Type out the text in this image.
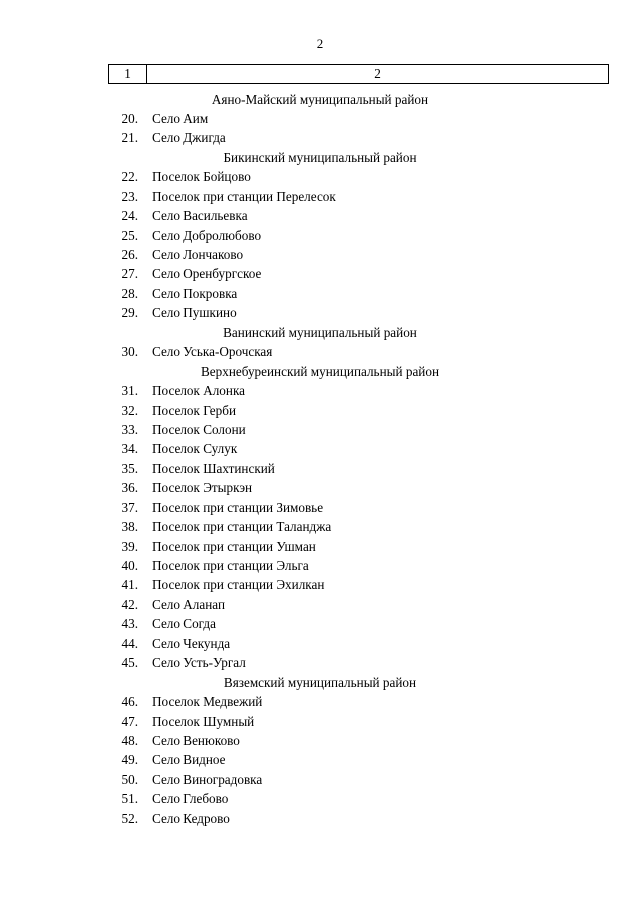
2
1	2
Аяно-Майский муниципальный район
20. Село Аим
21. Село Джигда
Бикинский муниципальный район
22. Поселок Бойцово
23. Поселок при станции Перелесок
24. Село Васильевка
25. Село Добролюбово
26. Село Лончаково
27. Село Оренбургское
28. Село Покровка
29. Село Пушкино
Ванинский муниципальный район
30. Село Уська-Орочская
Верхнебуреинский муниципальный район
31. Поселок Алонка
32. Поселок Герби
33. Поселок Солони
34. Поселок Сулук
35. Поселок Шахтинский
36. Поселок Этыркэн
37. Поселок при станции Зимовье
38. Поселок при станции Таланджа
39. Поселок при станции Ушман
40. Поселок при станции Эльга
41. Поселок при станции Эхилкан
42. Село Аланап
43. Село Согда
44. Село Чекунда
45. Село Усть-Ургал
Вяземский муниципальный район
46. Поселок Медвежий
47. Поселок Шумный
48. Село Венюково
49. Село Видное
50. Село Виноградовка
51. Село Глебово
52. Село Кедрово
